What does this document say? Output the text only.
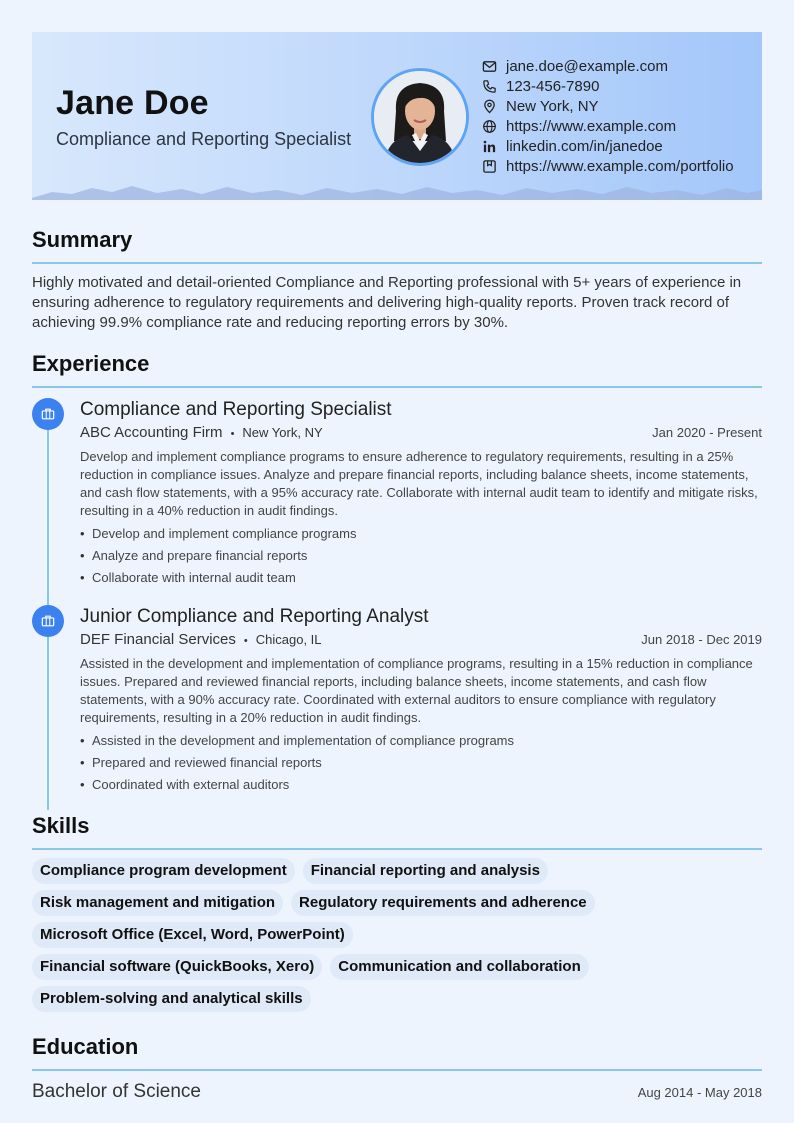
Jane Doe
Compliance and Reporting Specialist
jane.doe@example.com
123-456-7890
New York, NY
https://www.example.com
linkedin.com/in/janedoe
https://www.example.com/portfolio
Summary
Highly motivated and detail-oriented Compliance and Reporting professional with 5+ years of experience in ensuring adherence to regulatory requirements and delivering high-quality reports. Proven track record of achieving 99.9% compliance rate and reducing reporting errors by 30%.
Experience
Compliance and Reporting Specialist
ABC Accounting Firm • New York, NY	Jan 2020 - Present
Develop and implement compliance programs to ensure adherence to regulatory requirements, resulting in a 25% reduction in compliance issues. Analyze and prepare financial reports, including balance sheets, income statements, and cash flow statements, with a 95% accuracy rate. Collaborate with internal audit team to identify and mitigate risks, resulting in a 40% reduction in audit findings.
• Develop and implement compliance programs
• Analyze and prepare financial reports
• Collaborate with internal audit team
Junior Compliance and Reporting Analyst
DEF Financial Services • Chicago, IL	Jun 2018 - Dec 2019
Assisted in the development and implementation of compliance programs, resulting in a 15% reduction in compliance issues. Prepared and reviewed financial reports, including balance sheets, income statements, and cash flow statements, with a 90% accuracy rate. Coordinated with external auditors to ensure compliance with regulatory requirements, resulting in a 20% reduction in audit findings.
• Assisted in the development and implementation of compliance programs
• Prepared and reviewed financial reports
• Coordinated with external auditors
Skills
Compliance program development	Financial reporting and analysis
Risk management and mitigation	Regulatory requirements and adherence
Microsoft Office (Excel, Word, PowerPoint)
Financial software (QuickBooks, Xero)	Communication and collaboration
Problem-solving and analytical skills
Education
Bachelor of Science	Aug 2014 - May 2018
